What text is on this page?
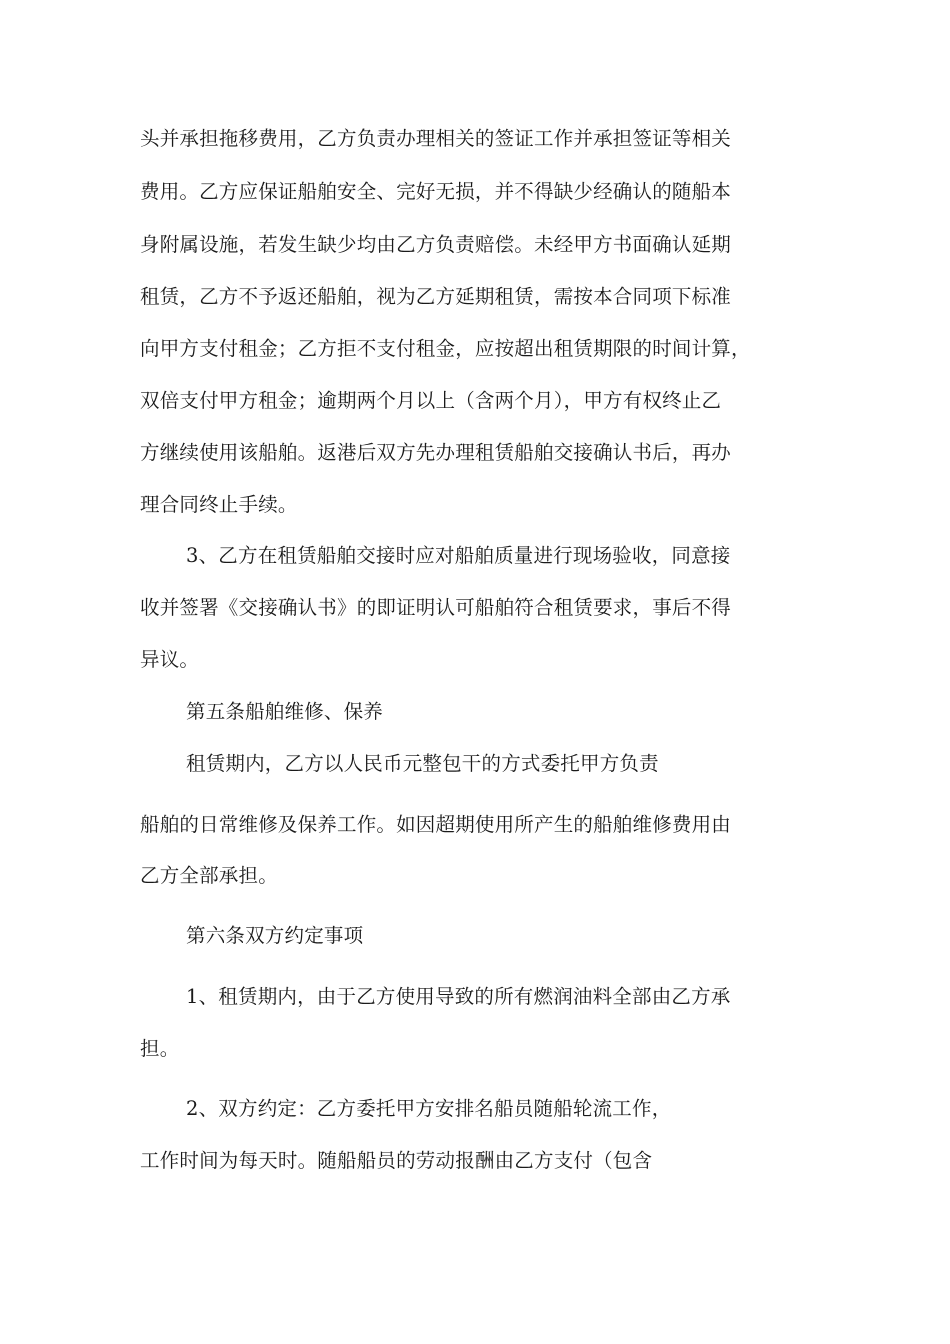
头并承担拖移费用，乙方负责办理相关的签证工作并承担签证等相关
费用。乙方应保证船舶安全、完好无损，并不得缺少经确认的随船本
身附属设施，若发生缺少均由乙方负责赔偿。未经甲方书面确认延期
租赁，乙方不予返还船舶，视为乙方延期租赁，需按本合同项下标准
向甲方支付租金；乙方拒不支付租金，应按超出租赁期限的时间计算，
双倍支付甲方租金；逾期两个月以上（含两个月），甲方有权终止乙
方继续使用该船舶。返港后双方先办理租赁船舶交接确认书后，再办
理合同终止手续。
3、乙方在租赁船舶交接时应对船舶质量进行现场验收，同意接
收并签署《交接确认书》的即证明认可船舶符合租赁要求，事后不得
异议。
第五条船舶维修、保养
租赁期内，乙方以人民币元整包干的方式委托甲方负责
船舶的日常维修及保养工作。如因超期使用所产生的船舶维修费用由
乙方全部承担。
第六条双方约定事项
1、租赁期内，由于乙方使用导致的所有燃润油料全部由乙方承
担。
2、双方约定：乙方委托甲方安排名船员随船轮流工作，
工作时间为每天时。随船船员的劳动报酬由乙方支付（包含
